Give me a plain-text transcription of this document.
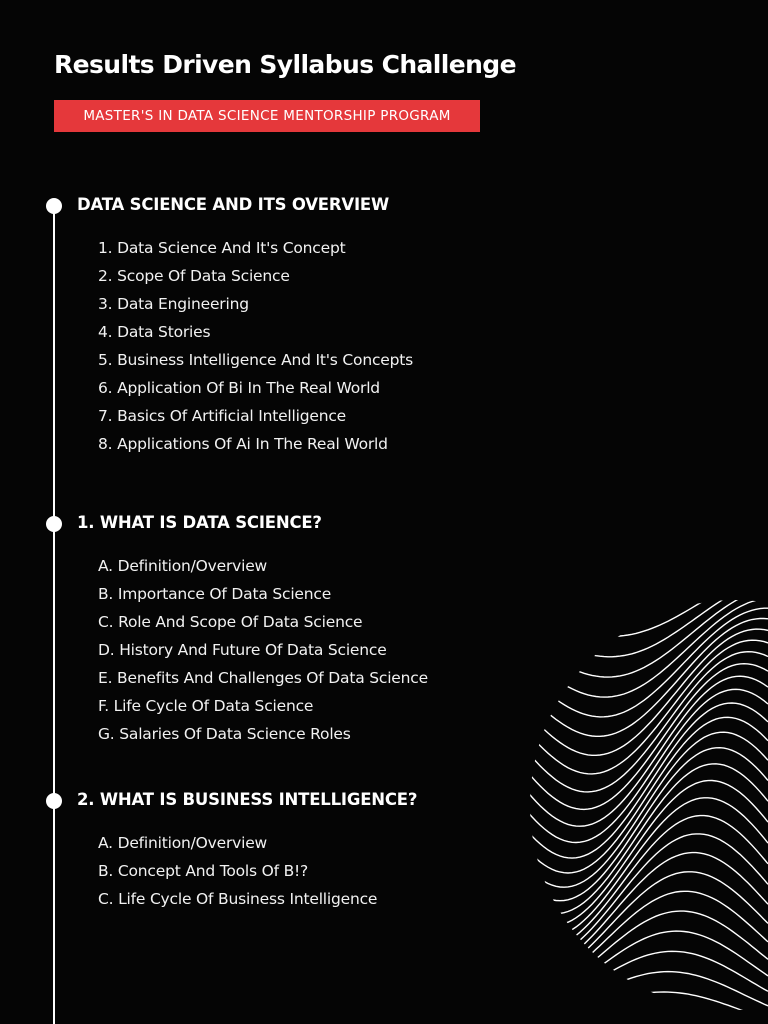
Results Driven Syllabus Challenge
MASTER'S IN DATA SCIENCE MENTORSHIP PROGRAM
DATA SCIENCE AND ITS OVERVIEW
1. Data Science And It's Concept
2. Scope Of Data Science
3. Data Engineering
4. Data Stories
5. Business Intelligence And It's Concepts
6. Application Of Bi In The Real World
7. Basics Of Artificial Intelligence
8. Applications Of Ai In The Real World
1. WHAT IS DATA SCIENCE?
A. Definition/Overview
B. Importance Of Data Science
C. Role And Scope Of Data Science
D. History And Future Of Data Science
E. Benefits And Challenges Of Data Science
F. Life Cycle Of Data Science
G. Salaries Of Data Science Roles
2. WHAT IS BUSINESS INTELLIGENCE?
A. Definition/Overview
B. Concept And Tools Of B!?
C. Life Cycle Of Business Intelligence
